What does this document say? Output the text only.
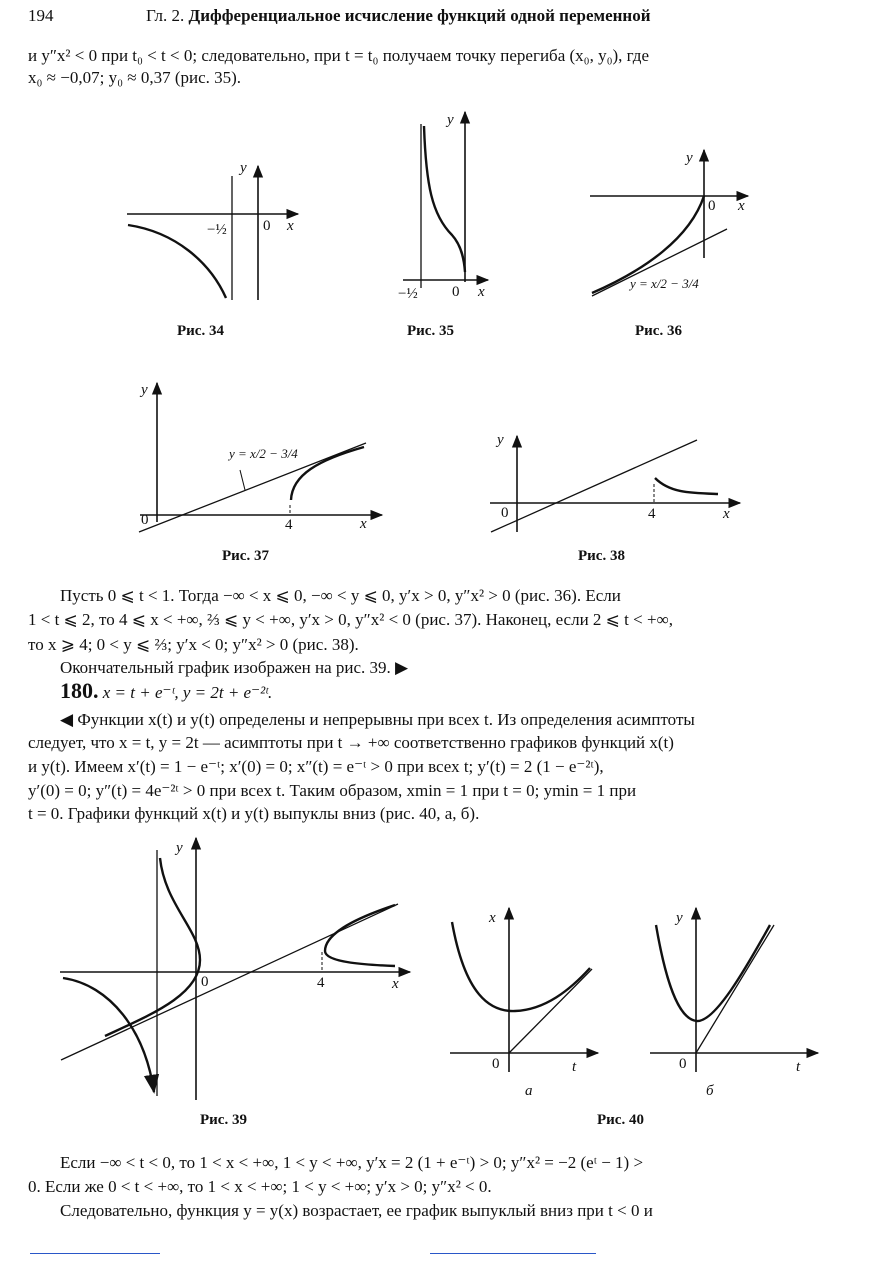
194	Гл. 2. Дифференциальное исчисление функций одной переменной

и y″x² < 0 при t₀ < t < 0; следовательно, при t = t₀ получаем точку перегиба (x₀, y₀), где

x₀ ≈ −0,07; y₀ ≈ 0,37 (рис. 35).

y
x
0
−½
Рис. 34
y
x
0
−½
Рис. 35
y
x
0
y = x/2 − 3/4
Рис. 36
y
x
0	4
y = x/2 − 3/4
Рис. 37
y
x
0	4
Рис. 38

Пусть 0 ⩽ t < 1. Тогда −∞ < x ⩽ 0, −∞ < y ⩽ 0, y′x > 0, y″x² > 0 (рис. 36). Если

1 < t ⩽ 2, то 4 ⩽ x < +∞, ⅔ ⩽ y < +∞, y′x > 0, y″x² < 0 (рис. 37). Наконец, если 2 ⩽ t < +∞,

то x ⩾ 4; 0 < y ⩽ ⅔; y′x < 0; y″x² > 0 (рис. 38).

Окончательный график изображен на рис. 39. ▶

180. x = t + e⁻ᵗ, y = 2t + e⁻²ᵗ.

◀ Функции x(t) и y(t) определены и непрерывны при всех t. Из определения асимптоты

следует, что x = t, y = 2t — асимптоты при t → +∞ соответственно графиков функций x(t)

и y(t). Имеем x′(t) = 1 − e⁻ᵗ; x′(0) = 0; x″(t) = e⁻ᵗ > 0 при всех t; y′(t) = 2 (1 − e⁻²ᵗ),

y′(0) = 0; y″(t) = 4e⁻²ᵗ > 0 при всех t. Таким образом, xmin = 1 при t = 0; ymin = 1 при

t = 0. Графики функций x(t) и y(t) выпуклы вниз (рис. 40, а, б).

y
x
0	4
Рис. 39
x
t
0
а
y
t
0
б
Рис. 40

Если −∞ < t < 0, то 1 < x < +∞, 1 < y < +∞, y′x = 2 (1 + e⁻ᵗ) > 0; y″x² = −2 (eᵗ − 1) >

0. Если же 0 < t < +∞, то 1 < x < +∞; 1 < y < +∞; y′x > 0; y″x² < 0.

Следовательно, функция y = y(x) возрастает, ее график выпуклый вниз при t < 0 и
